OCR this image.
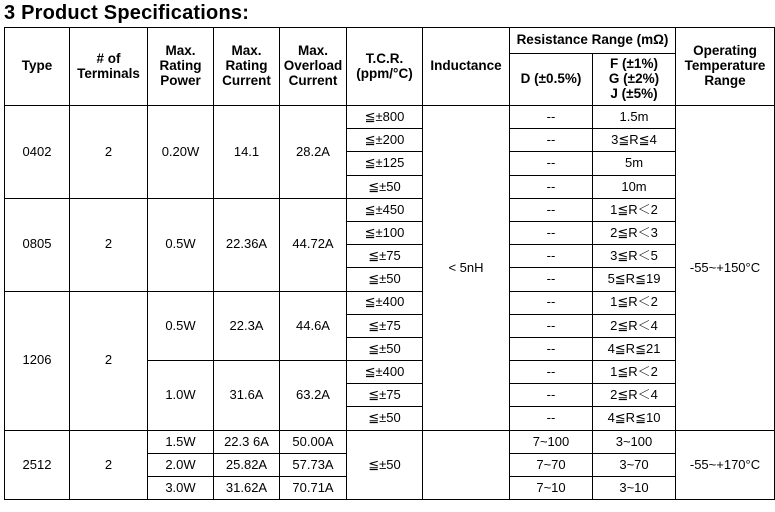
3 Product Specifications:
Type	# of Terminals	Max. Rating Power	Max. Rating Current	Max. Overload Current	T.C.R. (ppm/°C)	Inductance	Resistance Range (mΩ)		Operating Temperature Range
							D (±0.5%)	F (±1%)
G (±2%)
J (±5%)	

0402	2	0.20W	14.1	28.2A	≦±800	< 5nH	--	1.5m	-55~+150°C
					≦±200		--	3≦R≦4	
					≦±125		--	5m	
					≦±50		--	10m	
0805	2	0.5W	22.36A	44.72A	≦±450		--	1≦R＜2	
					≦±100		--	2≦R＜3	
					≦±75		--	3≦R＜5	
					≦±50		--	5≦R≦19	
1206	2	0.5W	22.3A	44.6A	≦±400		--	1≦R＜2	
					≦±75		--	2≦R＜4	
					≦±50		--	4≦R≦21	
		1.0W	31.6A	63.2A	≦±400		--	1≦R＜2	
					≦±75		--	2≦R＜4	
					≦±50		--	4≦R≦10	
2512	2	1.5W	22.3 6A	50.00A	≦±50		7~100	3~100	-55~+170°C
		2.0W	25.82A	57.73A			7~70	3~70	
		3.0W	31.62A	70.71A			7~10	3~10	
